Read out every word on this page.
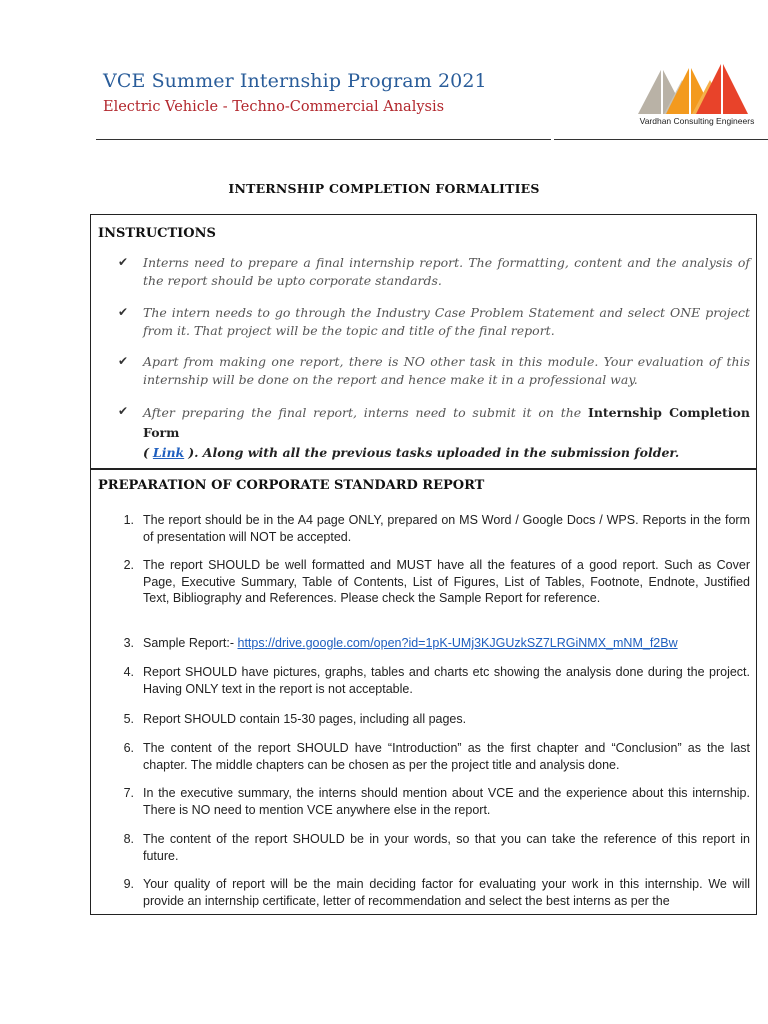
VCE Summer Internship Program 2021
Electric Vehicle - Techno-Commercial Analysis
Vardhan Consulting Engineers
INTERNSHIP COMPLETION FORMALITIES
INSTRUCTIONS
✔ Interns need to prepare a final internship report. The formatting, content and the analysis of the report should be upto corporate standards.
✔ The intern needs to go through the Industry Case Problem Statement and select ONE project from it. That project will be the topic and title of the final report.
✔ Apart from making one report, there is NO other task in this module. Your evaluation of this internship will be done on the report and hence make it in a professional way.
✔ After preparing the final report, interns need to submit it on the Internship Completion Form
( Link ). Along with all the previous tasks uploaded in the submission folder.
PREPARATION OF CORPORATE STANDARD REPORT
1. The report should be in the A4 page ONLY, prepared on MS Word / Google Docs / WPS. Reports in the form of presentation will NOT be accepted.
2. The report SHOULD be well formatted and MUST have all the features of a good report. Such as Cover Page, Executive Summary, Table of Contents, List of Figures, List of Tables, Footnote, Endnote, Justified Text, Bibliography and References. Please check the Sample Report for reference.
3. Sample Report:- https://drive.google.com/open?id=1pK-UMj3KJGUzkSZ7LRGiNMX_mNM_f2Bw
4. Report SHOULD have pictures, graphs, tables and charts etc showing the analysis done during the project. Having ONLY text in the report is not acceptable.
5. Report SHOULD contain 15-30 pages, including all pages.
6. The content of the report SHOULD have “Introduction” as the first chapter and “Conclusion” as the last chapter. The middle chapters can be chosen as per the project title and analysis done.
7. In the executive summary, the interns should mention about VCE and the experience about this internship. There is NO need to mention VCE anywhere else in the report.
8. The content of the report SHOULD be in your words, so that you can take the reference of this report in future.
9. Your quality of report will be the main deciding factor for evaluating your work in this internship. We will provide an internship certificate, letter of recommendation and select the best interns as per the
